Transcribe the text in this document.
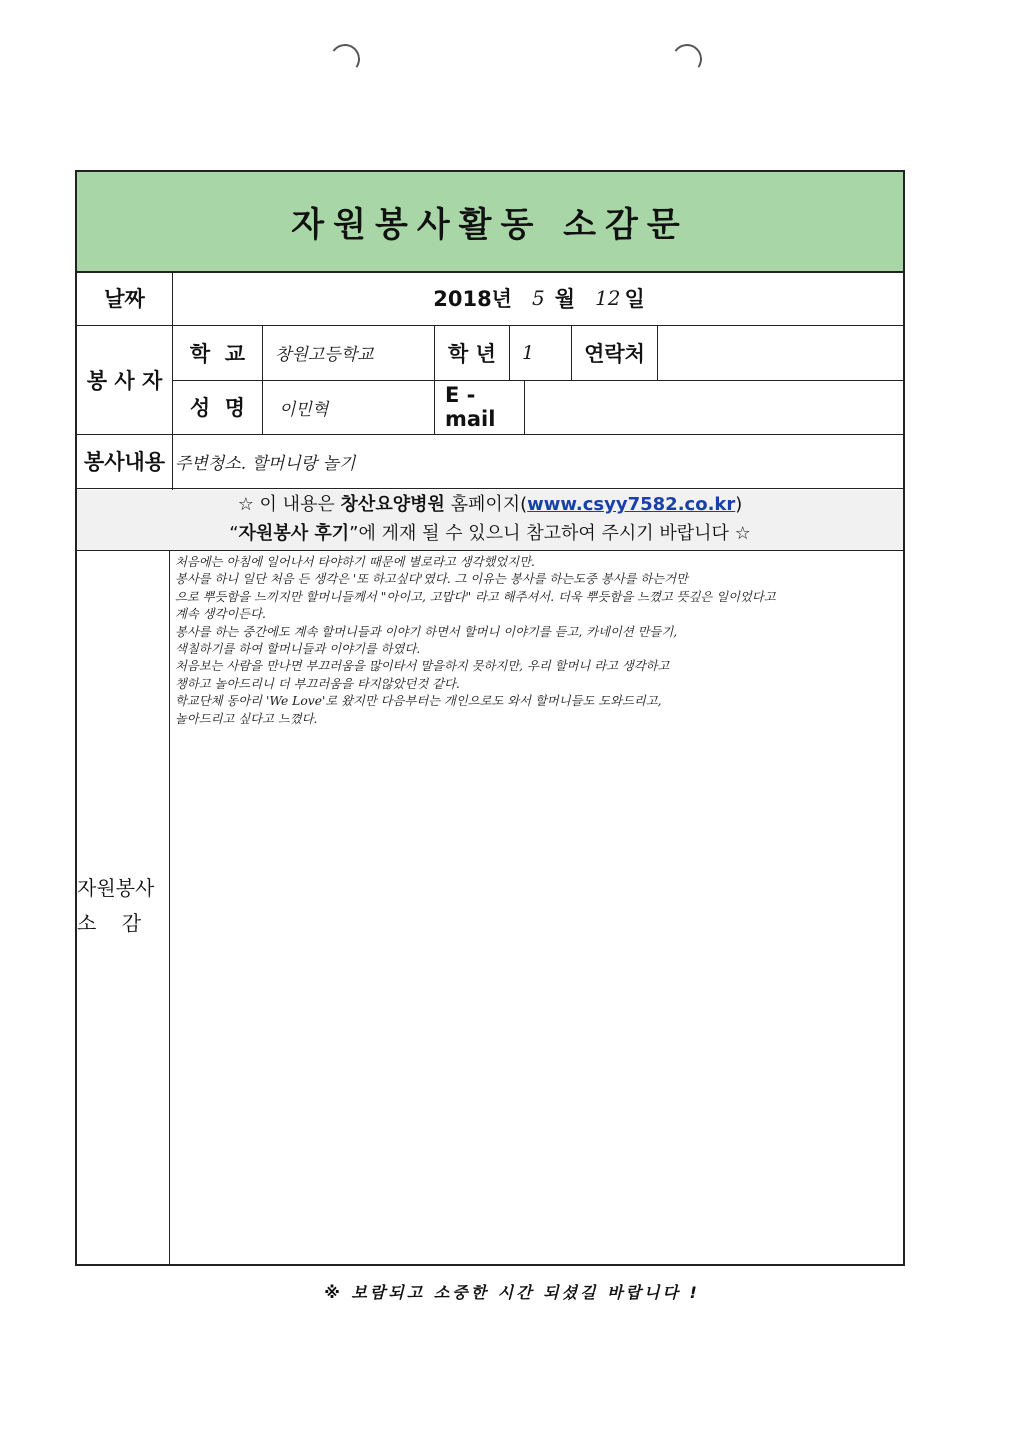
자원봉사활동 소감문
날짜	2018년 5 월 12 일
봉 사 자
학  교 창원고등학교	학 년 1 연락처
성  명 이민혁
E -mail
봉사내용 주변청소. 할머니랑 놀기
☆ 이 내용은 창산요양병원 홈페이지(www.csyy7582.co.kr)
“자원봉사 후기”에 게재 될 수 있으니 참고하여 주시기 바랍니다 ☆
자원봉사
소    감
처음에는 아침에 일어나서 타야하기 때문에 별로라고 생각했었지만.
봉사를 하니 일단 처음 든 생각은 '또 하고싶다'였다. 그 이유는 봉사를 하는도중 봉사를 하는거만
으로 뿌듯함을 느끼지만 할머니들께서 "아이고, 고맙다" 라고 해주셔서. 더욱 뿌듯함을 느꼈고 뜻깊은 일이었다고
계속 생각이든다.
봉사를 하는 중간에도 계속 할머니들과 이야기 하면서 할머니 이야기를 듣고, 카네이션 만들기,
색칠하기를 하여 할머니들과 이야기를 하였다.
처음보는 사람을 만나면 부끄러움을 많이타서 말을하지 못하지만, 우리 할머니 라고 생각하고
챙하고 놀아드리니 더 부끄러움을 타지않았던것 같다.
학교단체 동아리 'We Love'로 왔지만 다음부터는 개인으로도 와서 할머니들도 도와드리고,
놀아드리고 싶다고 느꼈다.
※ 보람되고 소중한 시간 되셨길 바랍니다 !
